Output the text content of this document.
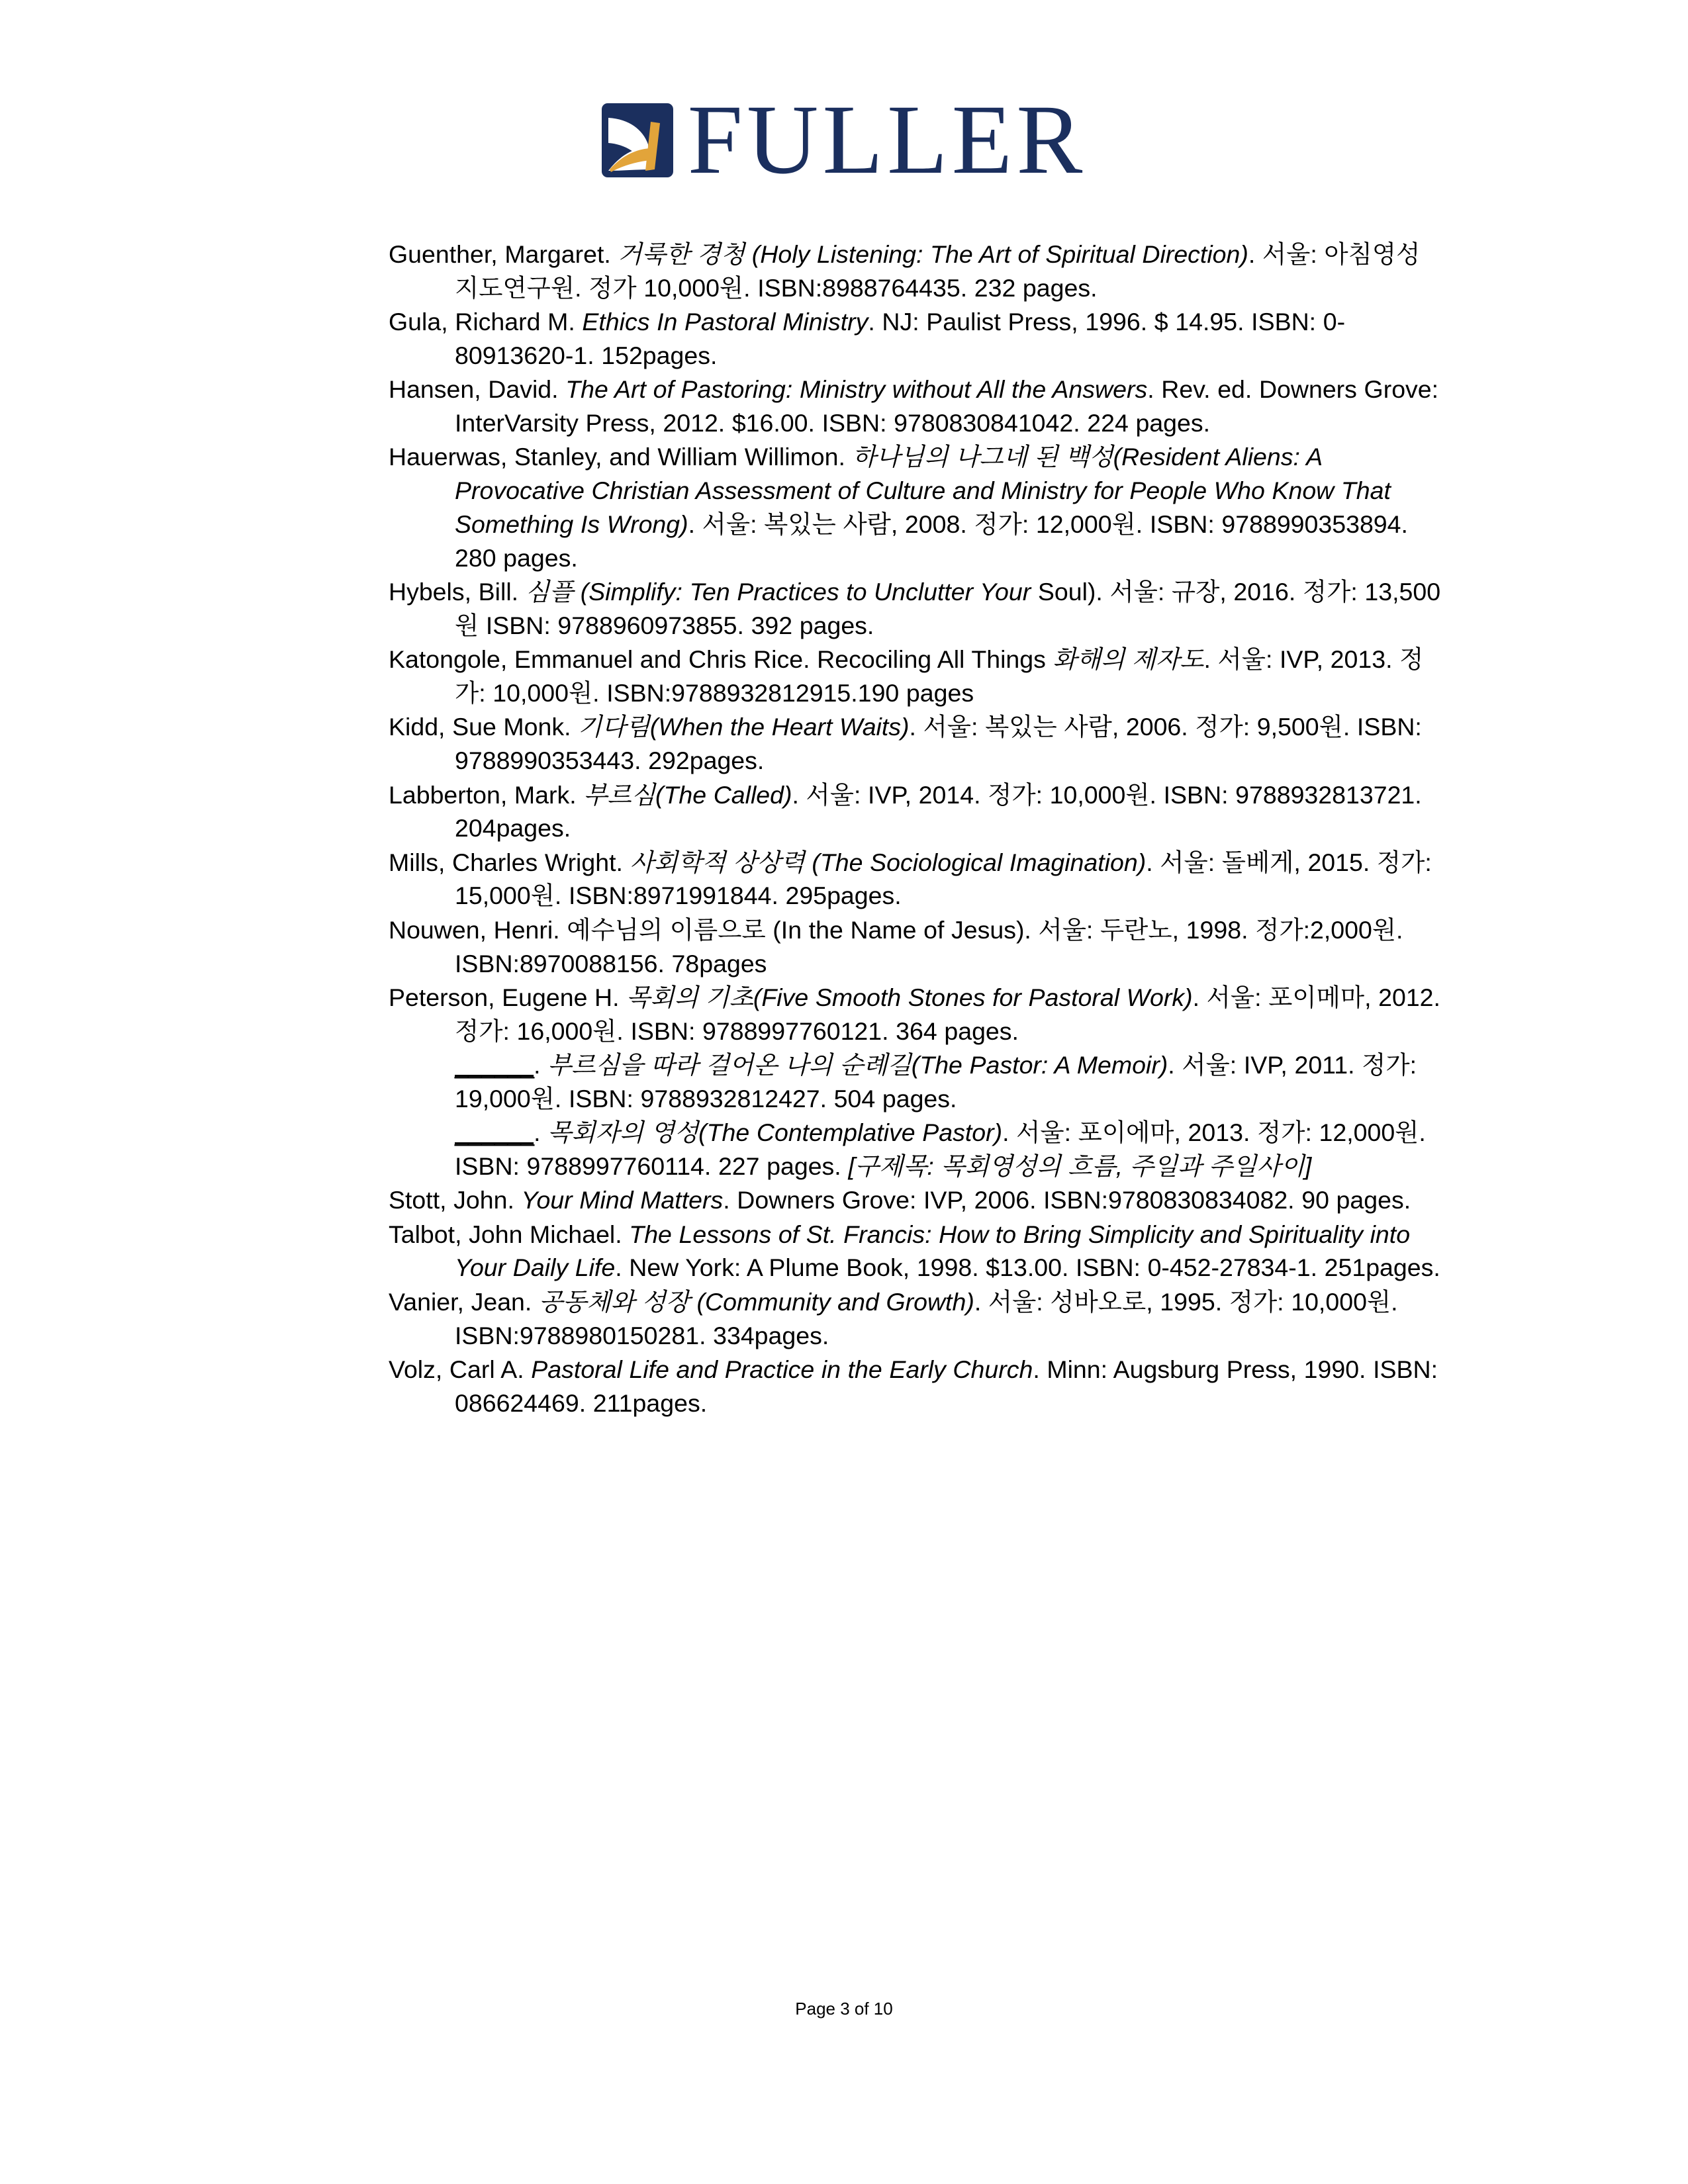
FULLER

Guenther, Margaret. 거룩한 경청 (Holy Listening: The Art of Spiritual Direction). 서울: 아침영성 지도연구원. 정가 10,000원. ISBN:8988764435. 232 pages.

Gula, Richard M. Ethics In Pastoral Ministry. NJ: Paulist Press, 1996. $ 14.95. ISBN: 0-80913620-1. 152pages.

Hansen, David. The Art of Pastoring: Ministry without All the Answers. Rev. ed. Downers Grove: InterVarsity Press, 2012. $16.00. ISBN: 9780830841042. 224 pages.

Hauerwas, Stanley, and William Willimon. 하나님의 나그네 된 백성(Resident Aliens: A Provocative Christian Assessment of Culture and Ministry for People Who Know That Something Is Wrong). 서울: 복있는 사람, 2008. 정가: 12,000원. ISBN: 9788990353894. 280 pages.

Hybels, Bill. 심플 (Simplify: Ten Practices to Unclutter Your Soul). 서울: 규장, 2016. 정가: 13,500원 ISBN: 9788960973855. 392 pages.

Katongole, Emmanuel and Chris Rice. Recociling All Things 화해의 제자도. 서울: IVP, 2013. 정가: 10,000원. ISBN:9788932812915.190 pages

Kidd, Sue Monk. 기다림(When the Heart Waits). 서울: 복있는 사람, 2006. 정가: 9,500원. ISBN: 9788990353443. 292pages.

Labberton, Mark. 부르심(The Called). 서울: IVP, 2014. 정가: 10,000원. ISBN: 9788932813721. 204pages.

Mills, Charles Wright. 사회학적 상상력 (The Sociological Imagination). 서울: 돌베게, 2015. 정가: 15,000원. ISBN:8971991844. 295pages.

Nouwen, Henri. 예수님의 이름으로 (In the Name of Jesus). 서울: 두란노, 1998. 정가:2,000원. ISBN:8970088156. 78pages

Peterson, Eugene H. 목회의 기초(Five Smooth Stones for Pastoral Work). 서울: 포이메마, 2012. 정가: 16,000원. ISBN: 9788997760121. 364 pages.

______. 부르심을 따라 걸어온 나의 순례길(The Pastor: A Memoir). 서울: IVP, 2011. 정가: 19,000원. ISBN: 9788932812427. 504 pages.

______. 목회자의 영성(The Contemplative Pastor). 서울: 포이에마, 2013. 정가: 12,000원. ISBN: 9788997760114. 227 pages. [구제목: 목회영성의 흐름, 주일과 주일사이]

Stott, John. Your Mind Matters. Downers Grove: IVP, 2006. ISBN:9780830834082. 90 pages.

Talbot, John Michael. The Lessons of St. Francis: How to Bring Simplicity and Spirituality into Your Daily Life. New York: A Plume Book, 1998. $13.00. ISBN: 0-452-27834-1. 251pages.

Vanier, Jean. 공동체와 성장 (Community and Growth). 서울: 성바오로, 1995. 정가: 10,000원. ISBN:9788980150281. 334pages.

Volz, Carl A. Pastoral Life and Practice in the Early Church. Minn: Augsburg Press, 1990. ISBN: 086624469. 211pages.

Page 3 of 10
